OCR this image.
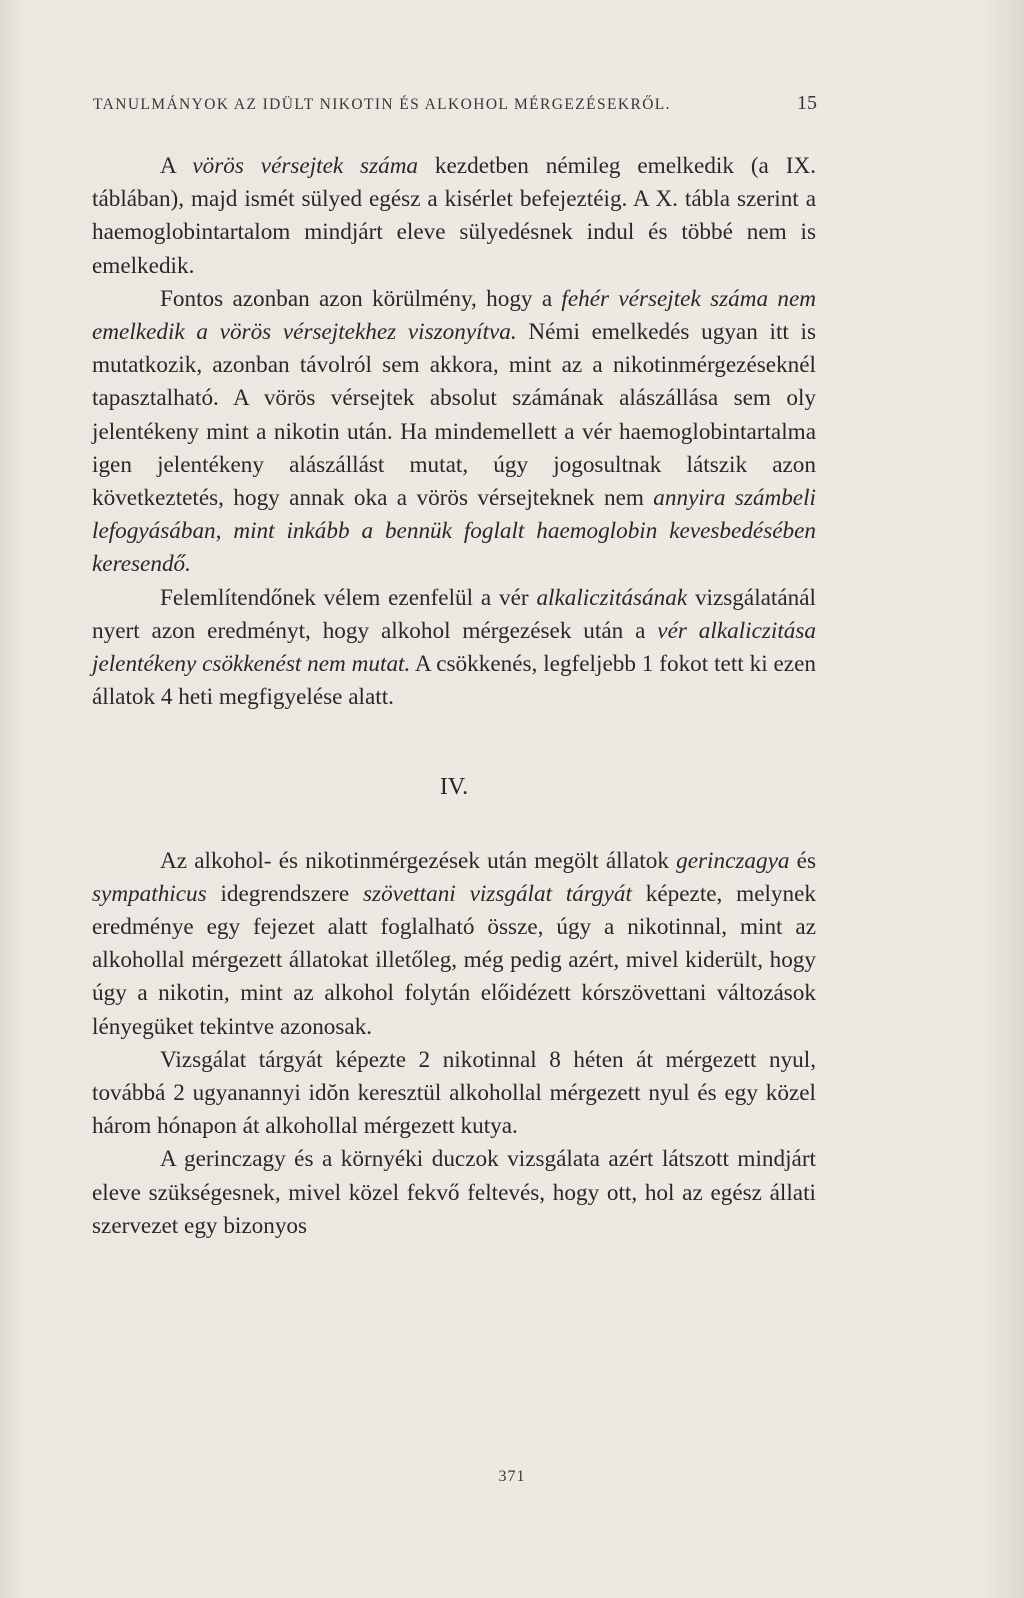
TANULMÁNYOK AZ IDÜLT NIKOTIN ÉS ALKOHOL MÉRGEZÉSEKRŐL.	15

A vörös vérsejtek száma kezdetben némileg emelkedik (a IX. táblában), majd ismét sülyed egész a kisérlet befejeztéig. A X. tábla szerint a haemoglobintartalom mindjárt eleve sülyedésnek indul és többé nem is emelkedik.

Fontos azonban azon körülmény, hogy a fehér vérsejtek száma nem emelkedik a vörös vérsejtekhez viszonyítva. Némi emelkedés ugyan itt is mutatkozik, azonban távolról sem akkora, mint az a nikotinmérgezéseknél tapasztalható. A vörös vérsejtek absolut számának alászállása sem oly jelentékeny mint a nikotin után. Ha mindemellett a vér haemoglobintartalma igen jelentékeny alászállást mutat, úgy jogosultnak látszik azon következtetés, hogy annak oka a vörös vérsejteknek nem annyira számbeli lefogyásában, mint inkább a bennük foglalt haemoglobin kevesbedésében keresendő.

Felemlítendőnek vélem ezenfelül a vér alkaliczitásának vizsgálatánál nyert azon eredményt, hogy alkohol mérgezések után a vér alkaliczitása jelentékeny csökkenést nem mutat. A csökkenés, legfeljebb 1 fokot tett ki ezen állatok 4 heti megfigyelése alatt.

IV.

Az alkohol- és nikotinmérgezések után megölt állatok gerinczagya és sympathicus idegrendszere szövettani vizsgálat tárgyát képezte, melynek eredménye egy fejezet alatt foglalható össze, úgy a nikotinnal, mint az alkohollal mérgezett állatokat illetőleg, még pedig azért, mivel kiderült, hogy úgy a nikotin, mint az alkohol folytán előidézett kórszövettani változások lényegüket tekintve azonosak.

Vizsgálat tárgyát képezte 2 nikotinnal 8 héten át mérgezett nyul, továbbá 2 ugyanannyi idŏn keresztül alkohollal mérgezett nyul és egy közel három hónapon át alkohollal mérgezett kutya.

A gerinczagy és a környéki duczok vizsgálata azért látszott mindjárt eleve szükségesnek, mivel közel fekvő feltevés, hogy ott, hol az egész állati szervezet egy bizonyos

371
